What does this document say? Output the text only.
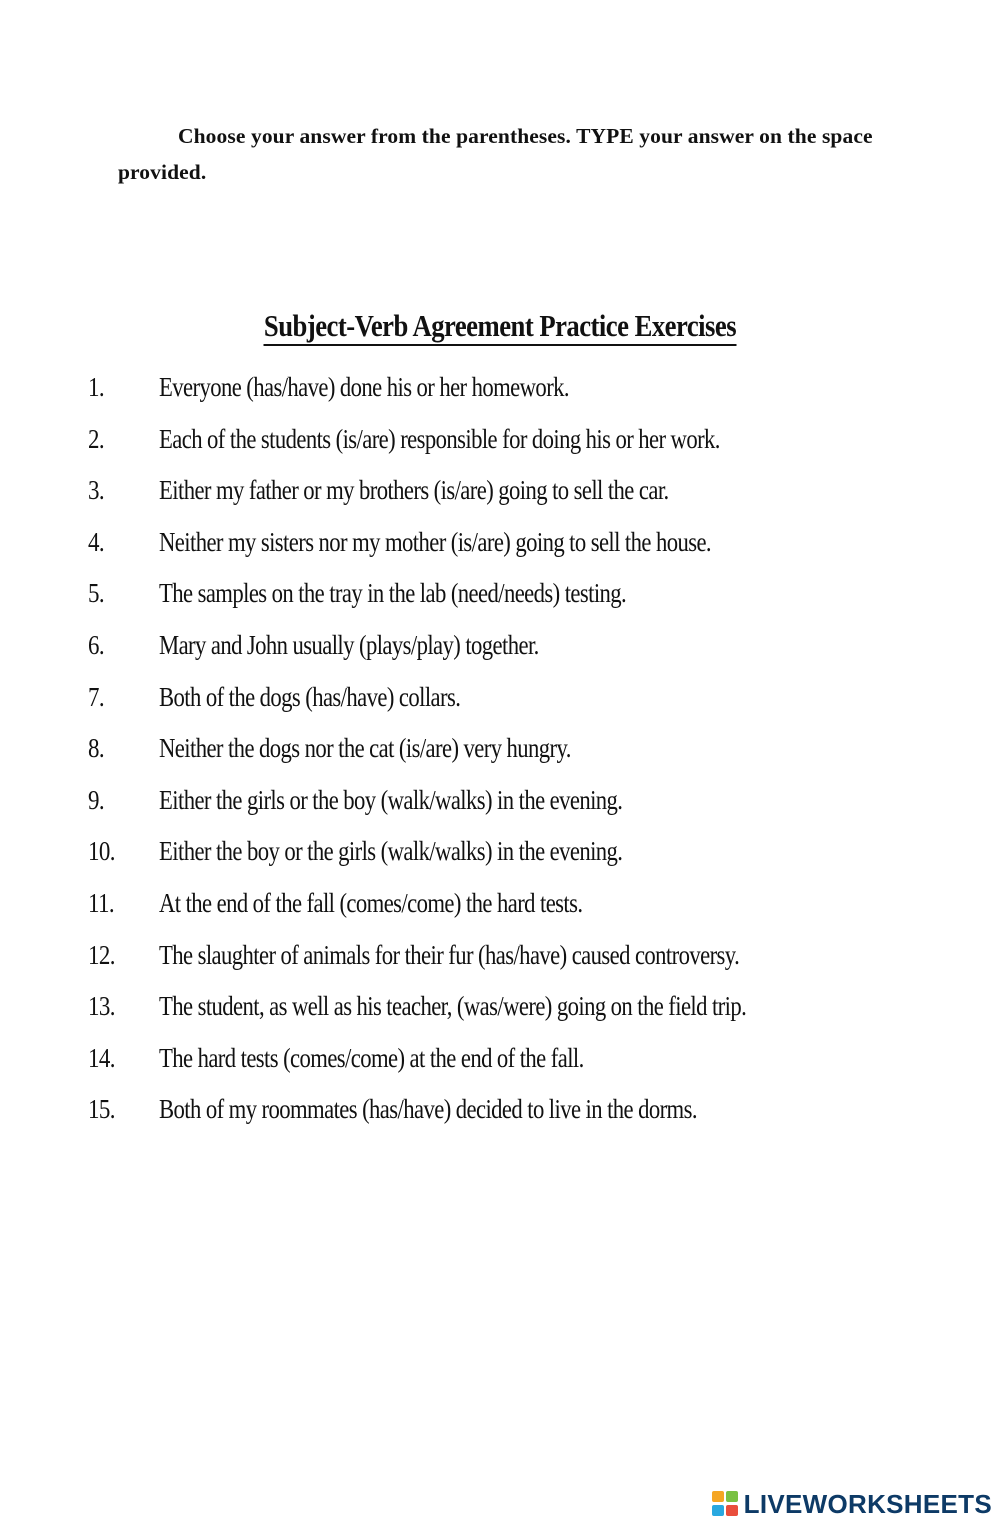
Choose your answer from the parentheses. TYPE your answer on the space provided.
Subject-Verb Agreement Practice Exercises
1. Everyone (has/have) done his or her homework.
2. Each of the students (is/are) responsible for doing his or her work.
3. Either my father or my brothers (is/are) going to sell the car.
4. Neither my sisters nor my mother (is/are) going to sell the house.
5. The samples on the tray in the lab (need/needs) testing.
6. Mary and John usually (plays/play) together.
7. Both of the dogs (has/have) collars.
8. Neither the dogs nor the cat (is/are) very hungry.
9. Either the girls or the boy (walk/walks) in the evening.
10. Either the boy or the girls (walk/walks) in the evening.
11. At the end of the fall (comes/come) the hard tests.
12. The slaughter of animals for their fur (has/have) caused controversy.
13. The student, as well as his teacher, (was/were) going on the field trip.
14. The hard tests (comes/come) at the end of the fall.
15. Both of my roommates (has/have) decided to live in the dorms.
LIVEWORKSHEETS
